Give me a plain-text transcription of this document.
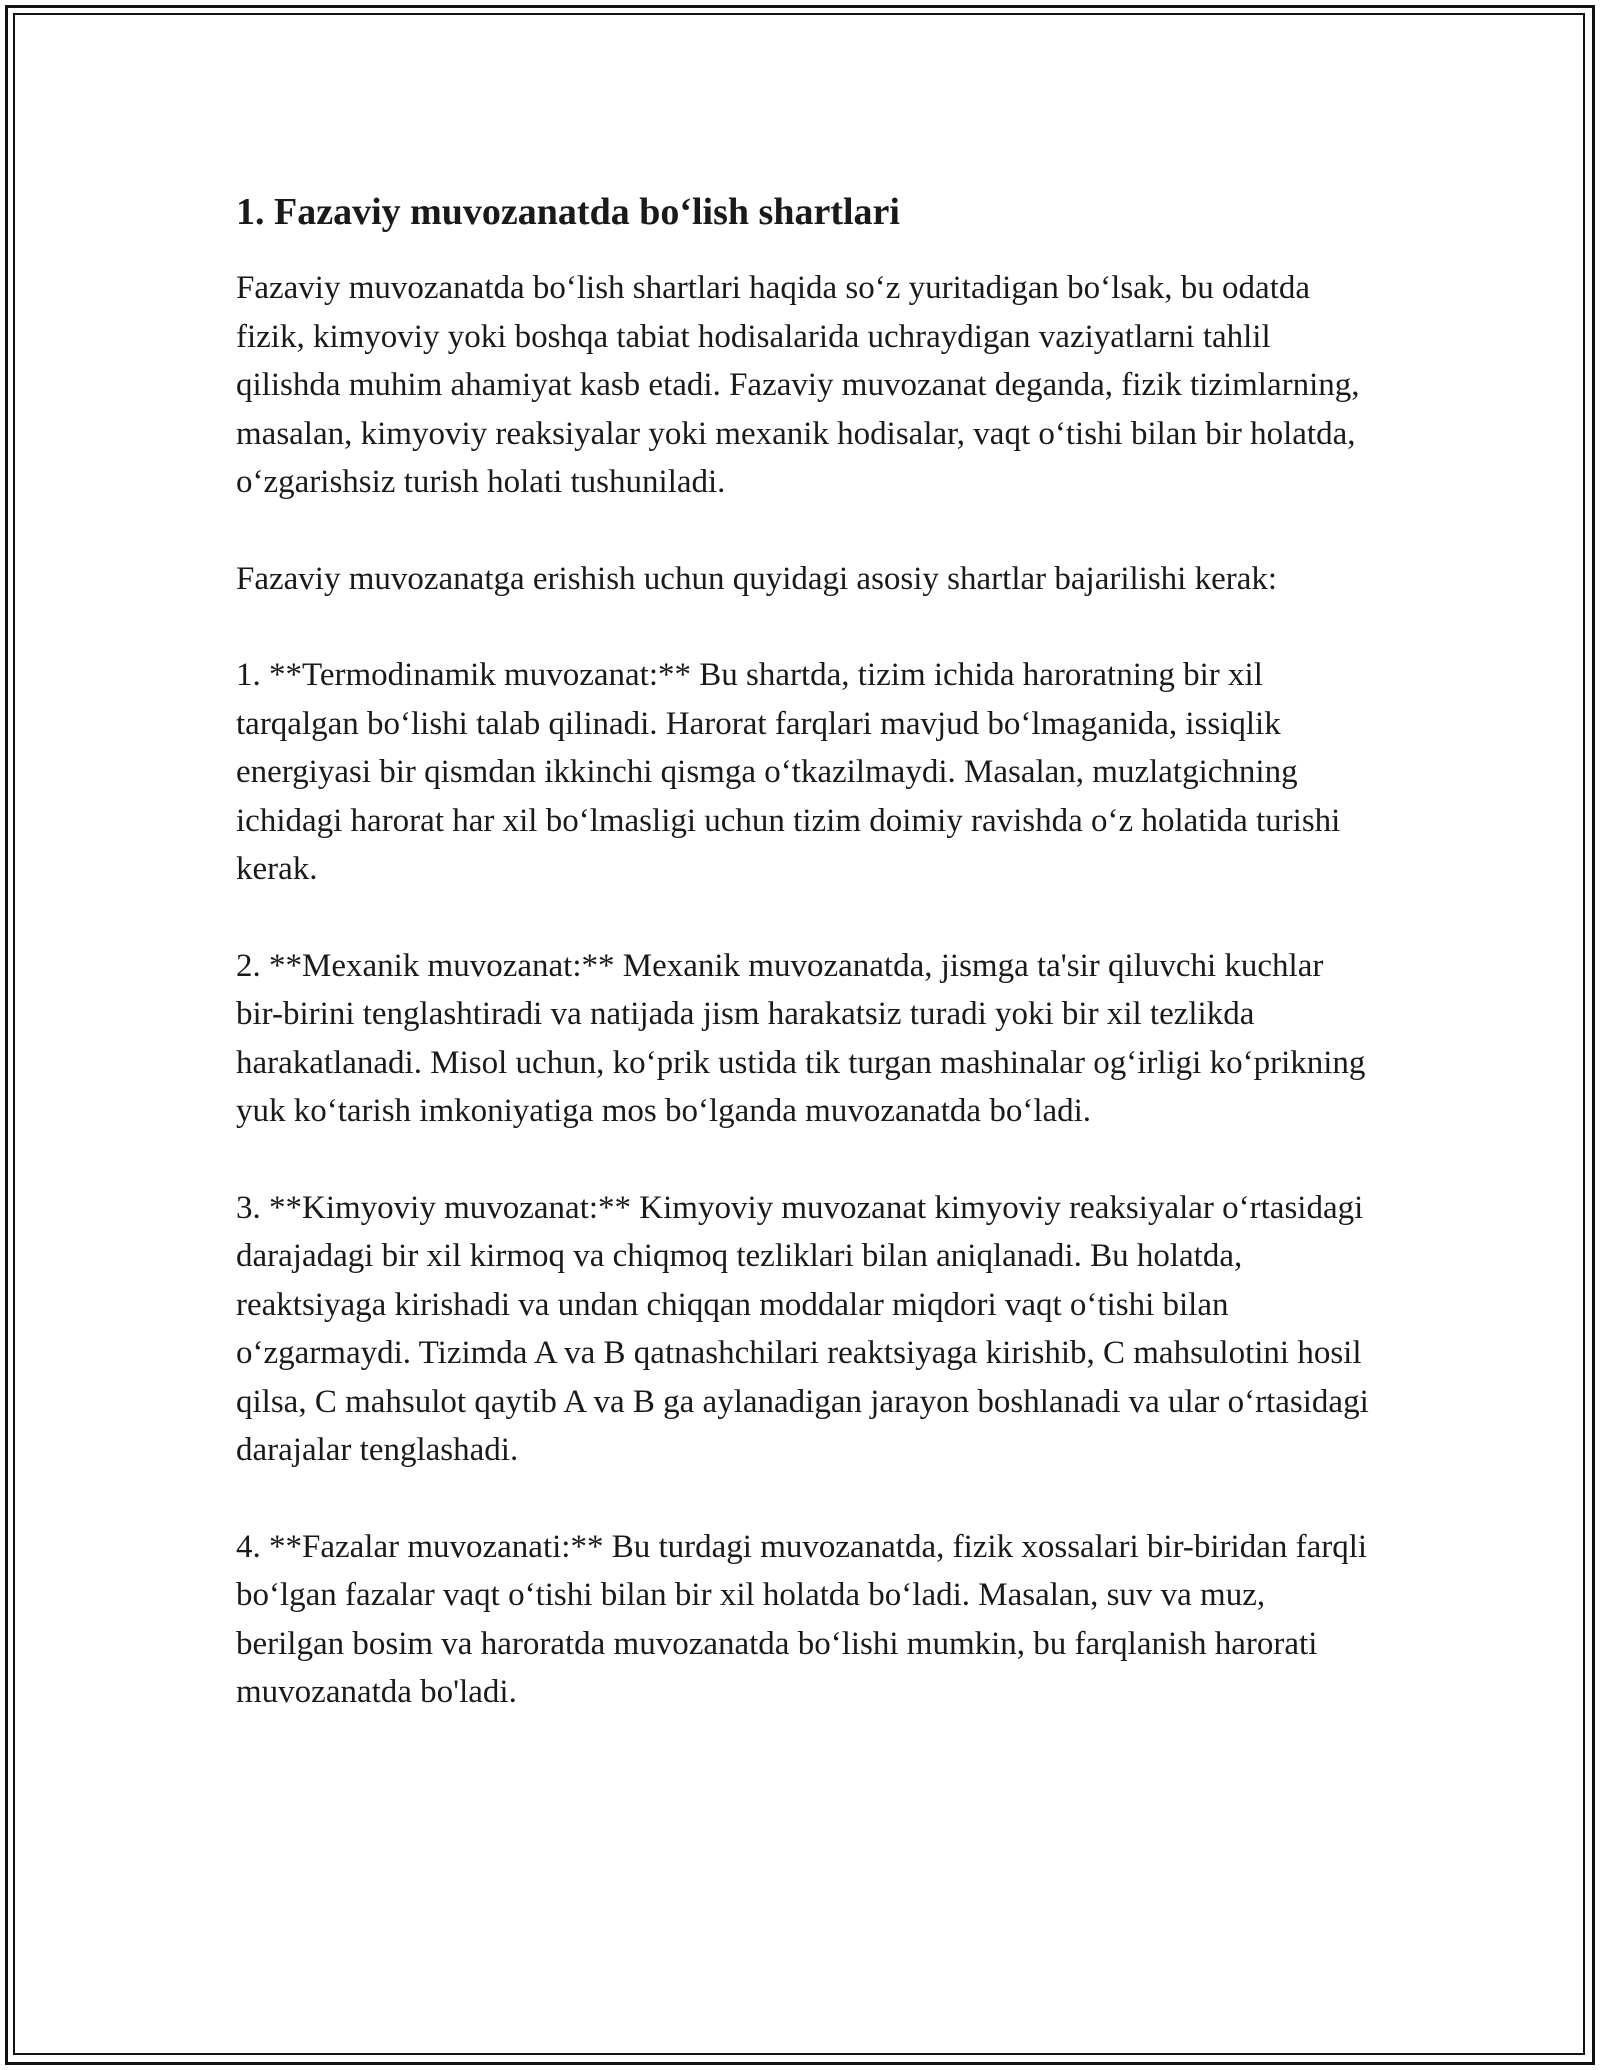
1. Fazaviy muvozanatda bo‘lish shartlari

Fazaviy muvozanatda bo‘lish shartlari haqida so‘z yuritadigan bo‘lsak, bu odatda fizik, kimyoviy yoki boshqa tabiat hodisalarida uchraydigan vaziyatlarni tahlil qilishda muhim ahamiyat kasb etadi. Fazaviy muvozanat deganda, fizik tizimlarning, masalan, kimyoviy reaksiyalar yoki mexanik hodisalar, vaqt o‘tishi bilan bir holatda, o‘zgarishsiz turish holati tushuniladi.

Fazaviy muvozanatga erishish uchun quyidagi asosiy shartlar bajarilishi kerak:

1. **Termodinamik muvozanat:** Bu shartda, tizim ichida haroratning bir xil tarqalgan bo‘lishi talab qilinadi. Harorat farqlari mavjud bo‘lmaganida, issiqlik energiyasi bir qismdan ikkinchi qismga o‘tkazilmaydi. Masalan, muzlatgichning ichidagi harorat har xil bo‘lmasligi uchun tizim doimiy ravishda o‘z holatida turishi kerak.

2. **Mexanik muvozanat:** Mexanik muvozanatda, jismga ta'sir qiluvchi kuchlar bir-birini tenglashtiradi va natijada jism harakatsiz turadi yoki bir xil tezlikda harakatlanadi. Misol uchun, ko‘prik ustida tik turgan mashinalar og‘irligi ko‘prikning yuk ko‘tarish imkoniyatiga mos bo‘lganda muvozanatda bo‘ladi.

3. **Kimyoviy muvozanat:** Kimyoviy muvozanat kimyoviy reaksiyalar o‘rtasidagi darajadagi bir xil kirmoq va chiqmoq tezliklari bilan aniqlanadi. Bu holatda, reaktsiyaga kirishadi va undan chiqqan moddalar miqdori vaqt o‘tishi bilan o‘zgarmaydi. Tizimda A va B qatnashchilari reaktsiyaga kirishib, C mahsulotini hosil qilsa, C mahsulot qaytib A va B ga aylanadigan jarayon boshlanadi va ular o‘rtasidagi darajalar tenglashadi.

4. **Fazalar muvozanati:** Bu turdagi muvozanatda, fizik xossalari bir-biridan farqli bo‘lgan fazalar vaqt o‘tishi bilan bir xil holatda bo‘ladi. Masalan, suv va muz, berilgan bosim va haroratda muvozanatda bo‘lishi mumkin, bu farqlanish harorati muvozanatda bo'ladi.
